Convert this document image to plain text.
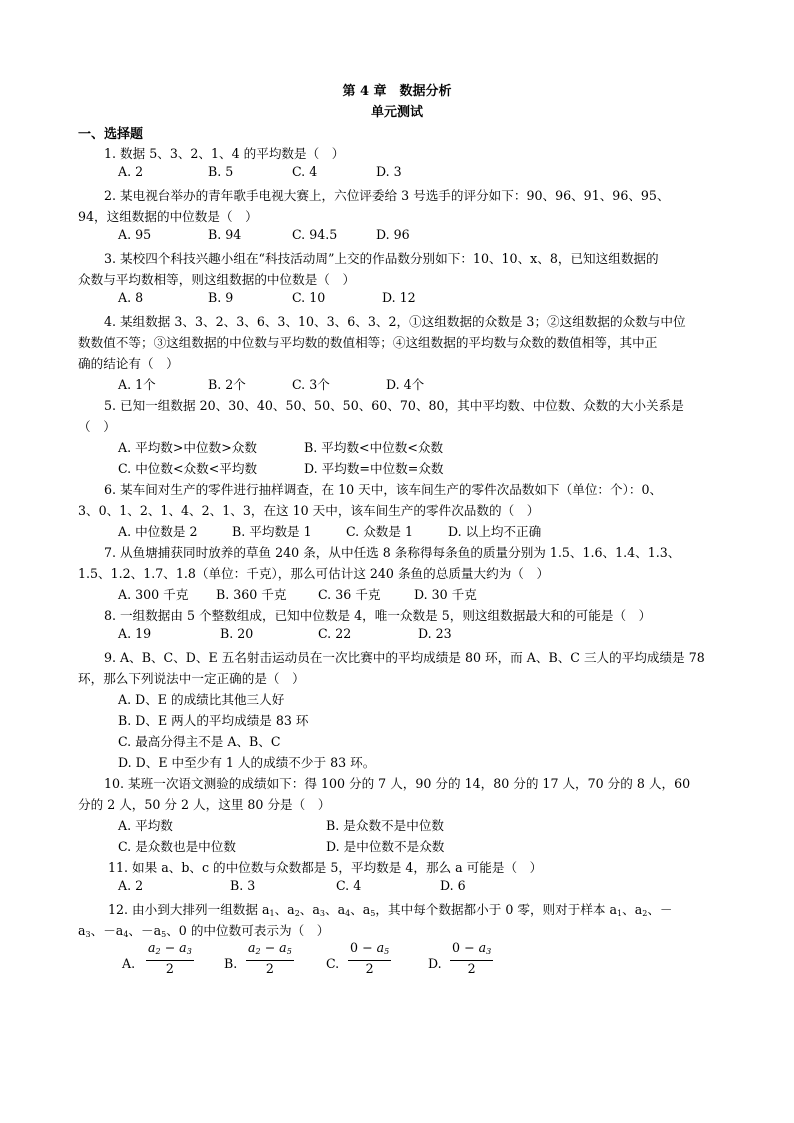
第 4 章　数据分析
单元测试
一、选择题
1. 数据 5、3、2、1、4 的平均数是（　）
A. 2	B. 5	C. 4	D. 3
2. 某电视台举办的青年歌手电视大赛上，六位评委给 3 号选手的评分如下：90、96、91、96、95、
94，这组数据的中位数是（　）
A. 95	B. 94	C. 94.5	D. 96
3. 某校四个科技兴趣小组在“科技活动周”上交的作品数分别如下：10、10、x、8，已知这组数据的
众数与平均数相等，则这组数据的中位数是（　）
A. 8	B. 9	C. 10	D. 12
4. 某组数据 3、3、2、3、6、3、10、3、6、3、2，①这组数据的众数是 3；②这组数据的众数与中位
数数值不等；③这组数据的中位数与平均数的数值相等；④这组数据的平均数与众数的数值相等，其中正
确的结论有（　）
A. 1个	B. 2个	C. 3个	D. 4个
5. 已知一组数据 20、30、40、50、50、50、60、70、80，其中平均数、中位数、众数的大小关系是
（　）
A. 平均数>中位数>众数	B. 平均数<中位数<众数
C. 中位数<众数<平均数	D. 平均数=中位数=众数
6. 某车间对生产的零件进行抽样调查，在 10 天中，该车间生产的零件次品数如下（单位：个）：0、
3、0、1、2、1、4、2、1、3，在这 10 天中，该车间生产的零件次品数的（　）
A. 中位数是 2	B. 平均数是 1	C. 众数是 1	D. 以上均不正确
7. 从鱼塘捕获同时放养的草鱼 240 条，从中任选 8 条称得每条鱼的质量分别为 1.5、1.6、1.4、1.3、
1.5、1.2、1.7、1.8（单位：千克），那么可估计这 240 条鱼的总质量大约为（　）
A. 300 千克 B. 360 千克	C. 36 千克	D. 30 千克
8. 一组数据由 5 个整数组成，已知中位数是 4，唯一众数是 5，则这组数据最大和的可能是（　）
A. 19	B. 20	C. 22	D. 23
9. A、B、C、D、E 五名射击运动员在一次比赛中的平均成绩是 80 环，而 A、B、C 三人的平均成绩是 78
环，那么下列说法中一定正确的是（　）
A. D、E 的成绩比其他三人好
B. D、E 两人的平均成绩是 83 环
C. 最高分得主不是 A、B、C
D. D、E 中至少有 1 人的成绩不少于 83 环。
10. 某班一次语文测验的成绩如下：得 100 分的 7 人，90 分的 14，80 分的 17 人，70 分的 8 人，60
分的 2 人，50 分 2 人，这里 80 分是（　）
A. 平均数	B. 是众数不是中位数
C. 是众数也是中位数	D. 是中位数不是众数
11. 如果 a、b、c 的中位数与众数都是 5，平均数是 4，那么 a 可能是（　）
A. 2	B. 3	C. 4	D. 6
12. 由小到大排列一组数据 $a_1$、$a_2$、$a_3$、$a_4$、$a_5$，其中每个数据都小于 0 零，则对于样本 $a_1$、$a_2$、－
$a_3$、$-a_4$、$-a_5$、0 的中位数可表示为（　）
A. $\frac{a2 - a3}{2} B$. $\frac{a2 - a5}{2}$	C. $\frac{0 - a5}{2}$	D. $\frac{0 - a3}{2}$
